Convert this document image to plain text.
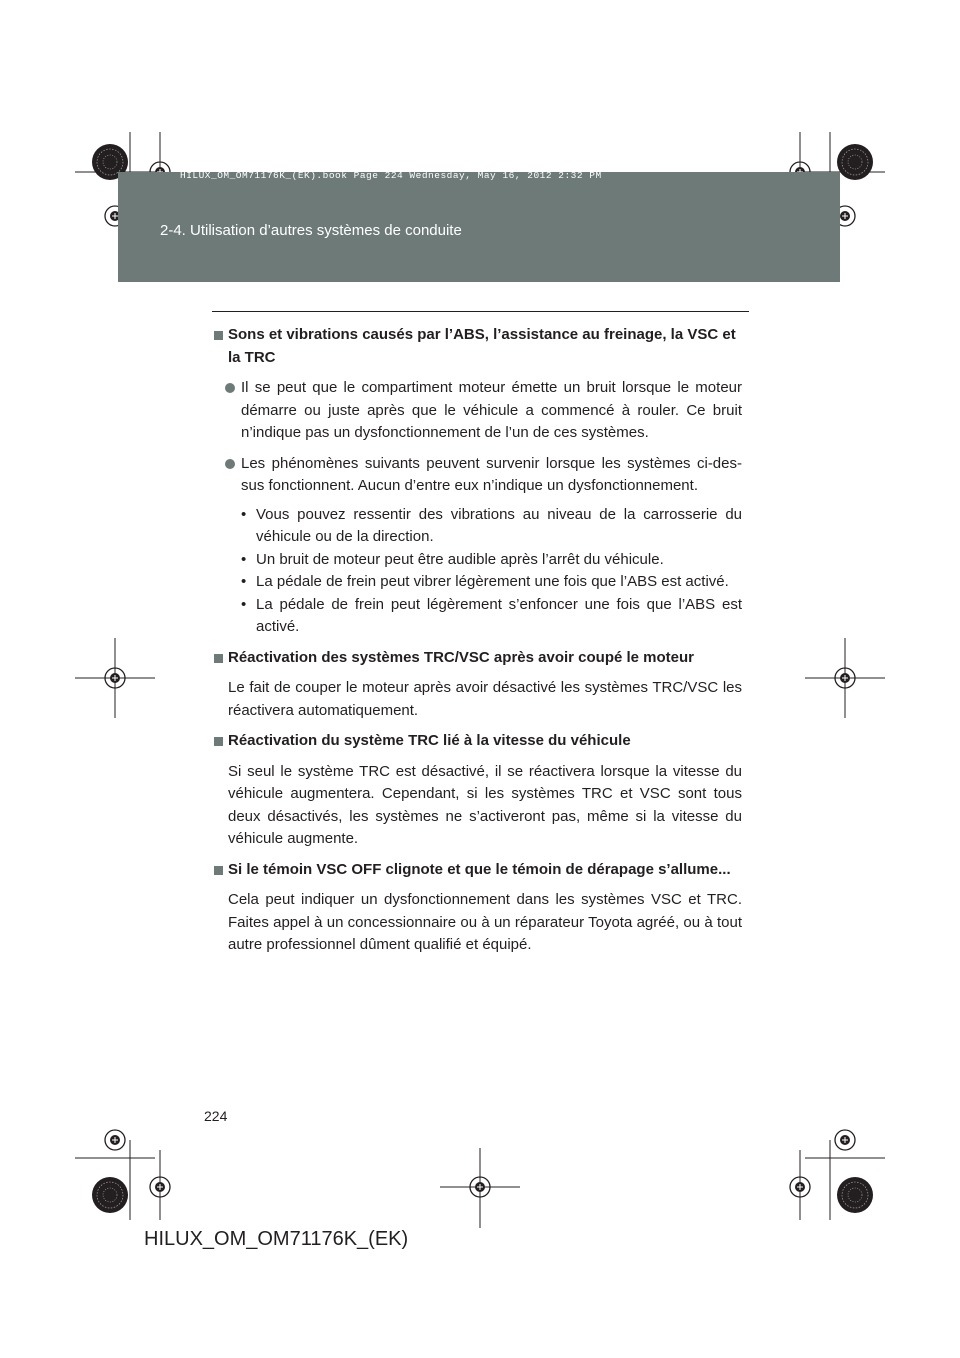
HILUX_OM_OM71176K_(EK).book Page 224 Wednesday, May 16, 2012 2:32 PM
2-4. Utilisation d’autres systèmes de conduite
Sons et vibrations causés par l’ABS, l’assistance au freinage, la VSC et la TRC
Il se peut que le compartiment moteur émette un bruit lorsque le moteur démarre ou juste après que le véhicule a commencé à rouler. Ce bruit n’indique pas un dysfonctionnement de l’un de ces systèmes.
Les phénomènes suivants peuvent survenir lorsque les systèmes ci-des-sus fonctionnent. Aucun d’entre eux n’indique un dysfonctionnement.
• Vous pouvez ressentir des vibrations au niveau de la carrosserie du véhicule ou de la direction.
• Un bruit de moteur peut être audible après l’arrêt du véhicule.
• La pédale de frein peut vibrer légèrement une fois que l’ABS est activé.
• La pédale de frein peut légèrement s’enfoncer une fois que l’ABS est activé.
Réactivation des systèmes TRC/VSC après avoir coupé le moteur
Le fait de couper le moteur après avoir désactivé les systèmes TRC/VSC les réactivera automatiquement.
Réactivation du système TRC lié à la vitesse du véhicule
Si seul le système TRC est désactivé, il se réactivera lorsque la vitesse du véhicule augmentera. Cependant, si les systèmes TRC et VSC sont tous deux désactivés, les systèmes ne s’activeront pas, même si la vitesse du véhicule augmente.
Si le témoin VSC OFF clignote et que le témoin de dérapage s’allume...
Cela peut indiquer un dysfonctionnement dans les systèmes VSC et TRC. Faites appel à un concessionnaire ou à un réparateur Toyota agréé, ou à tout autre professionnel dûment qualifié et équipé.
224
HILUX_OM_OM71176K_(EK)
